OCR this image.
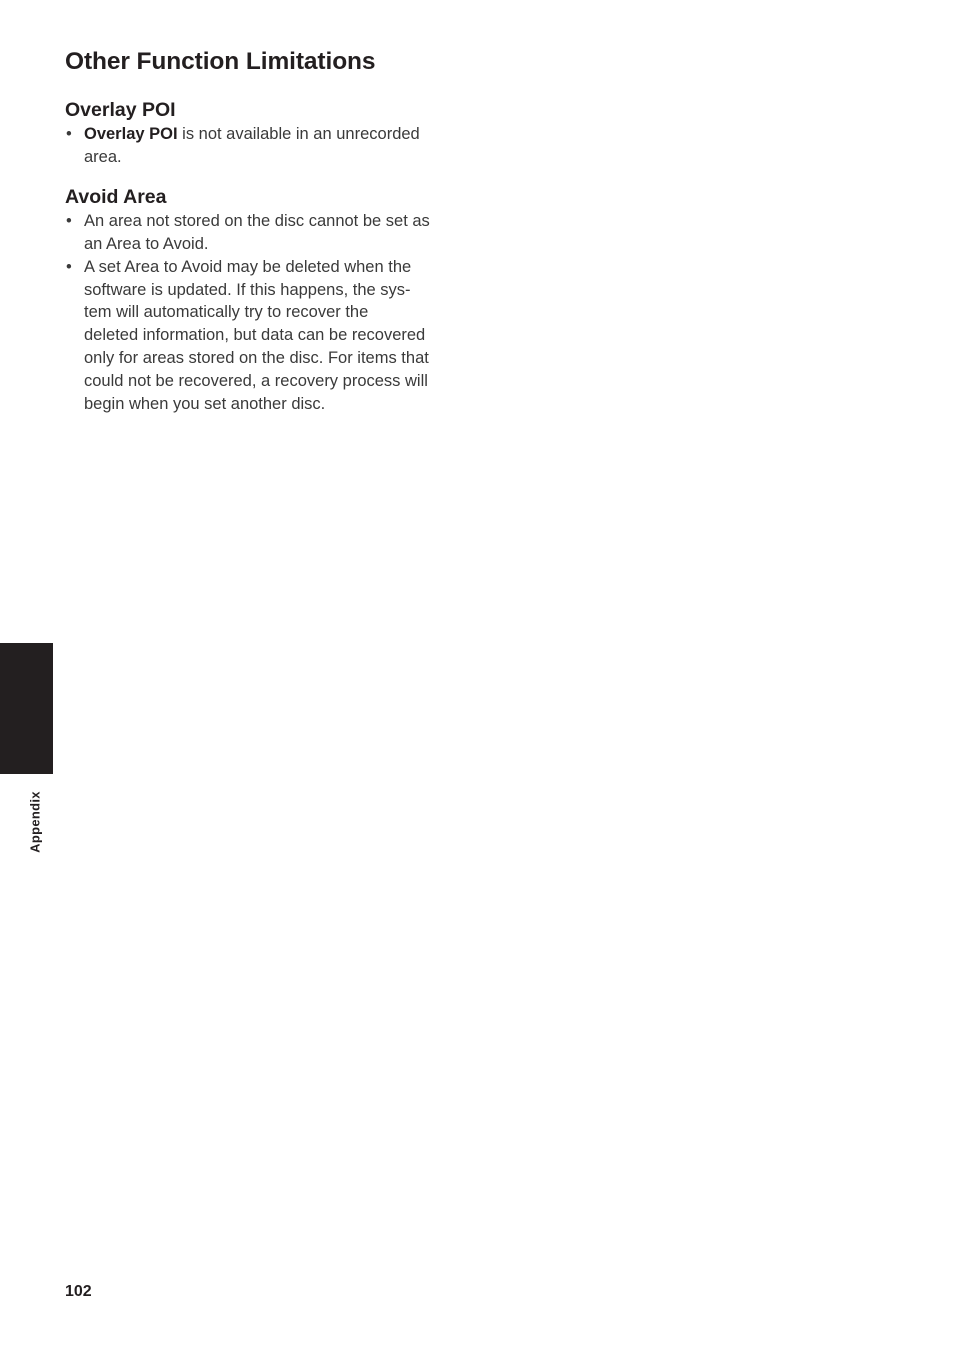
Other Function Limitations
Overlay POI
• Overlay POI is not available in an unrecorded
area.
Avoid Area
• An area not stored on the disc cannot be set as
an Area to Avoid.
• A set Area to Avoid may be deleted when the
software is updated. If this happens, the sys-
tem will automatically try to recover the
deleted information, but data can be recovered
only for areas stored on the disc. For items that
could not be recovered, a recovery process will
begin when you set another disc.
Appendix
102
